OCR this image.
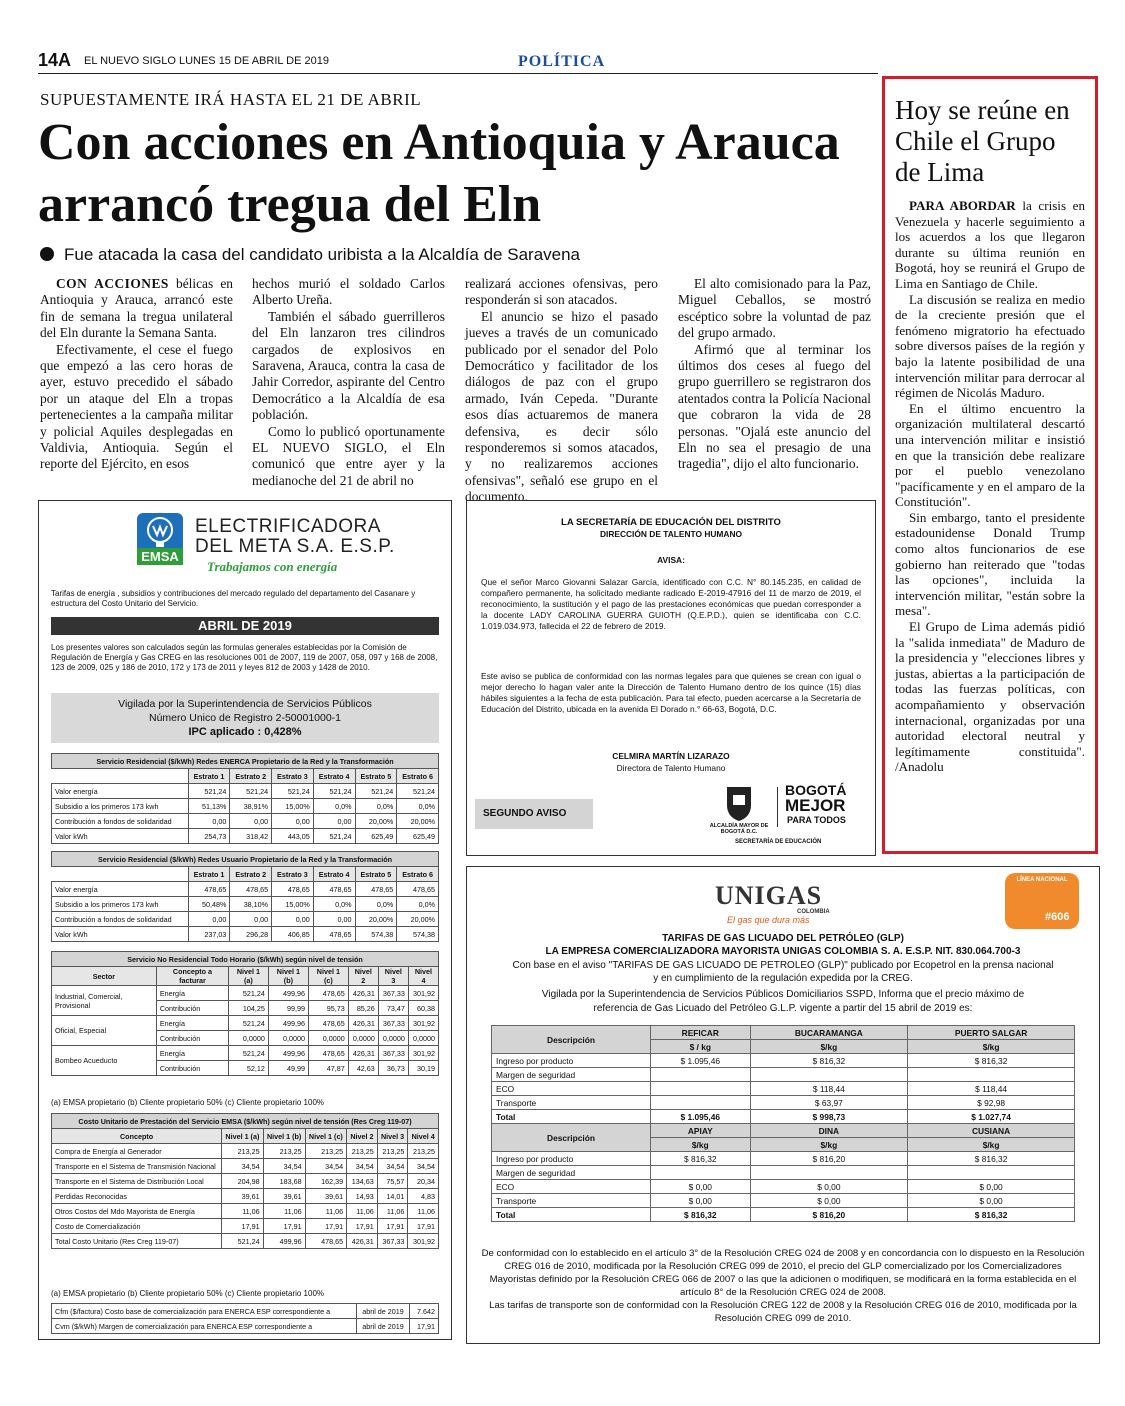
14A EL NUEVO SIGLO LUNES 15 DE ABRIL DE 2019	POLÍTICA
SUPUESTAMENTE IRÁ HASTA EL 21 DE ABRIL
Con acciones en Antioquia y Arauca arrancó tregua del Eln
Fue atacada la casa del candidato uribista a la Alcaldía de Saravena

CON ACCIONES bélicas en Antioquia y Arauca, arrancó este fin de semana la tregua unilateral del Eln durante la Semana Santa.

Efectivamente, el cese el fuego que empezó a las cero horas de ayer, estuvo precedido el sábado por un ataque del Eln a tropas pertenecientes a la campaña militar y policial Aquiles desplegadas en Valdivia, Antioquia. Según el reporte del Ejército, en esos

hechos murió el soldado Carlos Alberto Ureña.

También el sábado guerrilleros del Eln lanzaron tres cilindros cargados de explosivos en Saravena, Arauca, contra la casa de Jahir Corredor, aspirante del Centro Democrático a la Alcaldía de esa población.

Como lo publicó oportunamente EL NUEVO SIGLO, el Eln comunicó que entre ayer y la medianoche del 21 de abril no

realizará acciones ofensivas, pero responderán si son atacados.

El anuncio se hizo el pasado jueves a través de un comunicado publicado por el senador del Polo Democrático y facilitador de los diálogos de paz con el grupo armado, Iván Cepeda. "Durante esos días actuaremos de manera defensiva, es decir sólo responderemos si somos atacados, y no realizaremos acciones ofensivas", señaló ese grupo en el documento.

El alto comisionado para la Paz, Miguel Ceballos, se mostró escéptico sobre la voluntad de paz del grupo armado.

Afirmó que al terminar los últimos dos ceses al fuego del grupo guerrillero se registraron dos atentados contra la Policía Nacional que cobraron la vida de 28 personas. "Ojalá este anuncio del Eln no sea el presagio de una tragedia", dijo el alto funcionario.

Hoy se reúne en Chile el Grupo de Lima

PARA ABORDAR la crisis en Venezuela y hacerle seguimiento a los acuerdos a los que llegaron durante su última reunión en Bogotá, hoy se reunirá el Grupo de Lima en Santiago de Chile.

La discusión se realiza en medio de la creciente presión que el fenómeno migratorio ha efectuado sobre diversos países de la región y bajo la latente posibilidad de una intervención militar para derrocar al régimen de Nicolás Maduro.

En el último encuentro la organización multilateral descartó una intervención militar e insistió en que la transición debe realizare por el pueblo venezolano "pacíficamente y en el amparo de la Constitución".

Sin embargo, tanto el presidente estadounidense Donald Trump como altos funcionarios de ese gobierno han reiterado que "todas las opciones", incluida la intervención militar, "están sobre la mesa".

El Grupo de Lima además pidió la "salida inmediata" de Maduro de la presidencia y "elecciones libres y justas, abiertas a la participación de todas las fuerzas políticas, con acompañamiento y observación internacional, organizadas por una autoridad electoral neutral y legítimamente constituida". /Anadolu

EMSA
ELECTRIFICADORA DEL META S.A. E.S.P.
Trabajamos con energía
Tarifas de energía , subsidios y contribuciones del mercado regulado del departamento del Casanare y estructura del Costo Unitario del Servicio.
ABRIL DE 2019
Los presentes valores son calculados según las formulas generales establecidas por la Comisión de Regulación de Energía y Gas CREG en las resoluciones 001 de 2007, 119 de 2007, 058, 097 y 168 de 2008, 123 de 2009, 025 y 186 de 2010, 172 y 173 de 2011 y leyes 812 de 2003 y 1428 de 2010.
Vigilada por la Superintendencia de Servicios Públicos
Número Unico de Registro 2-50001000-1
IPC aplicado : 0,428%
Servicio Residencial ($/kWh) Redes ENERCA Propietario de la Red y la Transformación						
	Estrato 1	Estrato 2	Estrato 3	Estrato 4	Estrato 5	Estrato 6
Valor energía	521,24	521,24	521,24	521,24	521,24	521,24
Subsidio a los primeros 173 kwh	51,13%	38,91%	15,00%	0,0%	0,0%	0,0%
Contribución a fondos de solidaridad	0,00	0,00	0,00	0,00	20,00%	20,00%
Valor kWh	254,73	318,42	443,05	521,24	625,49	625,49
Servicio Residencial ($/kWh) Redes Usuario Propietario de la Red y la Transformación						
	Estrato 1	Estrato 2	Estrato 3	Estrato 4	Estrato 5	Estrato 6
Valor energía	478,65	478,65	478,65	478,65	478,65	478,65
Subsidio a los primeros 173 kwh	50,48%	38,10%	15,00%	0,0%	0,0%	0,0%
Contribución a fondos de solidaridad	0,00	0,00	0,00	0,00	20,00%	20,00%
Valor kWh	237,03	296,28	406,85	478,65	574,38	574,38
Servicio No Residencial Todo Horario ($/kWh) según nivel de tensión							
Sector	Concepto a facturar	Nivel 1 (a)	Nivel 1 (b)	Nivel 1 (c)	Nivel 2	Nivel 3	Nivel 4
Industrial, Comercial, Provisional	Energía	521,24	499,96	478,65	426,31	367,33	301,92
	Contribución	104,25	99,99	95,73	85,26	73,47	60,38
Oficial, Especial	Energía	521,24	499,96	478,65	426,31	367,33	301,92
	Contribución	0,0000	0,0000	0,0000	0,0000	0,0000	0,0000
Bombeo Acueducto	Energía	521,24	499,96	478,65	426,31	367,33	301,92
	Contribución	52,12	49,99	47,87	42,63	36,73	30,19
(a) EMSA propietario (b) Cliente propietario 50% (c) Cliente propietario 100%
Costo Unitario de Prestación del Servicio EMSA ($/kWh) según nivel de tensión (Res Creg 119-07)						
Concepto	Nivel 1 (a)	Nivel 1 (b)	Nivel 1 (c)	Nivel 2	Nivel 3	Nivel 4
Compra de Energía al Generador	213,25	213,25	213,25	213,25	213,25	213,25
Transporte en el Sistema de Transmisión Nacional	34,54	34,54	34,54	34,54	34,54	34,54
Transporte en el Sistema de Distribución Local	204,98	183,68	162,39	134,63	75,57	20,34
Perdidas Reconocidas	39,61	39,61	39,61	14,93	14,01	4,83
Otros Costos del Mdo Mayorista de Energía	11,06	11,06	11,06	11,06	11,06	11,06
Costo de Comercialización	17,91	17,91	17,91	17,91	17,91	17,91
Total Costo Unitario (Res Creg 119-07)	521,24	499,96	478,65	426,31	367,33	301,92
(a) EMSA propietario (b) Cliente propietario 50% (c) Cliente propietario 100%
Cfm ($/factura) Costo base de comercialización para ENERCA ESP correspondiente a	abril de 2019	7.642
Cvm ($/kWh) Margen de comercialización para ENERCA ESP correspondiente a	abril de 2019	17,91
LA SECRETARÍA DE EDUCACIÓN DEL DISTRITO
DIRECCIÓN DE TALENTO HUMANO
AVISA:
Que el señor Marco Giovanni Salazar García, identificado con C.C. N° 80.145.235, en calidad de compañero permanente, ha solicitado mediante radicado E-2019-47916 del 11 de marzo de 2019, el reconocimiento, la sustitución y el pago de las prestaciones económicas que puedan corresponder a la docente LADY CAROLINA GUERRA GUIOTH (Q.E.P.D.), quien se identificaba con C.C. 1.019.034.973, fallecida el 22 de febrero de 2019.
Este aviso se publica de conformidad con las normas legales para que quienes se crean con igual o mejor derecho lo hagan valer ante la Dirección de Talento Humano dentro de los quince (15) días hábiles siguientes a la fecha de esta publicación. Para tal efecto, pueden acercarse a la Secretaría de Educación del Distrito, ubicada en la avenida El Dorado n.° 66-63, Bogotá, D.C.
CELMIRA MARTÍN LIZARAZO
Directora de Talento Humano
SEGUNDO AVISO
ALCALDÍA MAYOR DE BOGOTÁ D.C.
BOGOTÁ
MEJOR
PARA TODOS
SECRETARÍA DE EDUCACIÓN
UNIGAS
COLOMBIA
El gas que dura más
LÍNEA NACIONAL
#606
TARIFAS DE GAS LICUADO DEL PETRÓLEO (GLP)
LA EMPRESA COMERCIALIZADORA MAYORISTA UNIGAS COLOMBIA S. A. E.S.P. NIT. 830.064.700-3
Con base en el aviso "TARIFAS DE GAS LICUADO DE PETROLEO (GLP)" publicado por Ecopetrol en la prensa nacional
y en cumplimiento de la regulación expedida por la CREG.
Vigilada por la Superintendencia de Servicios Públicos Domiciliarios SSPD, Informa que el precio máximo de
referencia de Gas Licuado del Petróleo G.L.P. vigente a partir del 15 abril de 2019 es:
Descripción	REFICAR	BUCARAMANGA	PUERTO SALGAR
	$ / kg	$/kg	$/kg
Ingreso por producto	$ 1.095,46	$ 816,32	$ 816,32
Margen de seguridad			
ECO		$ 118,44	$ 118,44
Transporte		$ 63,97	$ 92,98
Total	$ 1.095,46	$ 998,73	$ 1.027,74
Descripción	APIAY	DINA	CUSIANA
	$/kg	$/kg	$/kg
Ingreso por producto	$ 816,32	$ 816,20	$ 816,32
Margen de seguridad			
ECO	$ 0,00	$ 0,00	$ 0,00
Transporte	$ 0,00	$ 0,00	$ 0,00
Total	$ 816,32	$ 816,20	$ 816,32
De conformidad con lo establecido en el artículo 3° de la Resolución CREG 024 de 2008 y en concordancia con lo dispuesto en la Resolución CREG 016 de 2010, modificada por la Resolución CREG 099 de 2010, el precio del GLP comercializado por los Comercializadores Mayoristas definido por la Resolución CREG 066 de 2007 o las que la adicionen o modifiquen, se modificará en la forma establecida en el artículo 8° de la Resolución CREG 024 de 2008.
Las tarifas de transporte son de conformidad con la Resolución CREG 122 de 2008 y la Resolución CREG 016 de 2010, modificada por la Resolución CREG 099 de 2010.
